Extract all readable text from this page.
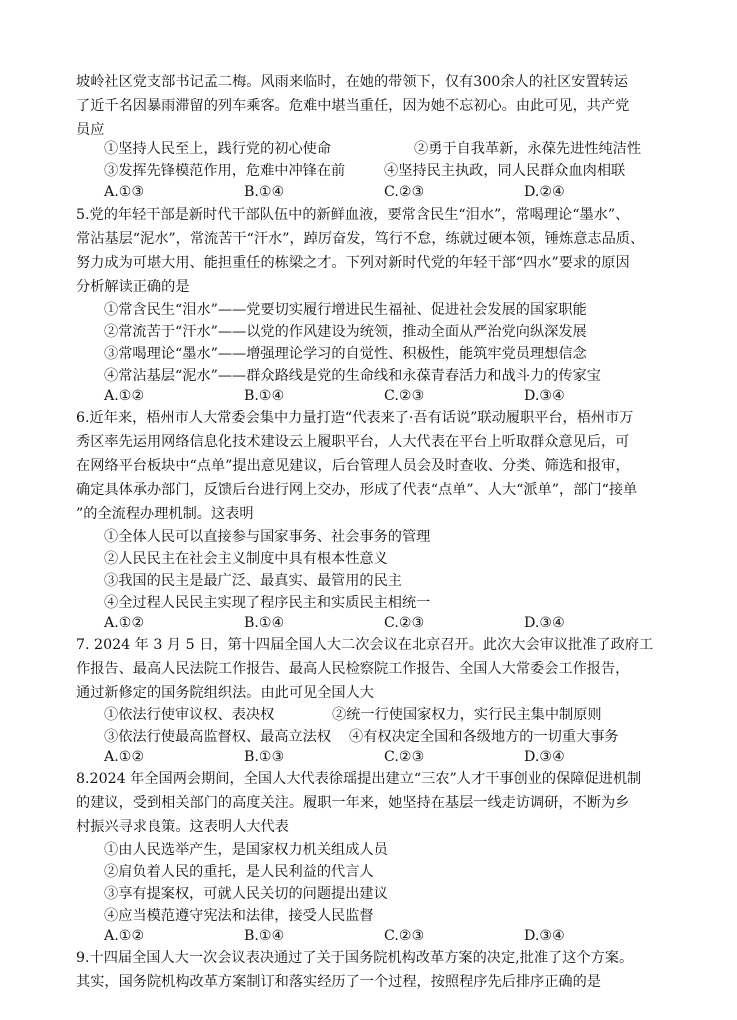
坡岭社区党支部书记孟二梅。风雨来临时，在她的带领下，仅有300余人的社区安置转运
了近千名因暴雨滞留的列车乘客。危难中堪当重任，因为她不忘初心。由此可见，共产党
员应
①坚持人民至上，践行党的初心使命	②勇于自我革新，永葆先进性纯洁性
③发挥先锋模范作用，危难中冲锋在前	④坚持民主执政，同人民群众血肉相联
A.①③	B.①④	C.②③	D.②④
5.党的年轻干部是新时代干部队伍中的新鲜血液，要常含民生“泪水”，常喝理论“墨水”、
常沾基层“泥水”，常流苦干“汗水”，踔厉奋发，笃行不怠，练就过硬本领，锤炼意志品质、
努力成为可堪大用、能担重任的栋梁之才。下列对新时代党的年轻干部“四水”要求的原因
分析解读正确的是
①常含民生“泪水”——党要切实履行增进民生福祉、促进社会发展的国家职能
②常流苦于“汗水”——以党的作风建设为统领，推动全面从严治党向纵深发展
③常喝理论“墨水”——增强理论学习的自觉性、积极性，能筑牢党员理想信念
④常沾基层“泥水”——群众路线是党的生命线和永葆青春活力和战斗力的传家宝
A.①②	B.①④	C.②③	D.③④
6.近年来，梧州市人大常委会集中力量打造“代表来了·吾有话说”联动履职平台，梧州市万
秀区率先运用网络信息化技术建设云上履职平台，人大代表在平台上听取群众意见后，可
在网络平台板块中“点单”提出意见建议，后台管理人员会及时查收、分类、筛选和报审，
确定具体承办部门，反馈后台进行网上交办，形成了代表“点单”、人大“派单”，部门“接单
”的全流程办理机制。这表明
①全体人民可以直接参与国家事务、社会事务的管理
②人民民主在社会主义制度中具有根本性意义
③我国的民主是最广泛、最真实、最管用的民主
④全过程人民民主实现了程序民主和实质民主相统一
A.①②	B.①④	C.②③	D.③④
7. 2024 年 3 月 5 日，第十四届全国人大二次会议在北京召开。此次大会审议批准了政府工
作报告、最高人民法院工作报告、最高人民检察院工作报告、全国人大常委会工作报告，
通过新修定的国务院组织法。由此可见全国人大
①依法行使审议权、表决权	②统一行使国家权力，实行民主集中制原则
③依法行使最高监督权、最高立法权 ④有权决定全国和各级地方的一切重大事务
A.①②	B.①③	C.②③	D.③④
8.2024 年全国两会期间，全国人大代表徐瑶提出建立“三农”人才干事创业的保障促进机制
的建议，受到相关部门的高度关注。履职一年来，她坚持在基层一线走访调研，不断为乡
村振兴寻求良策。这表明人大代表
①由人民选举产生，是国家权力机关组成人员
②肩负着人民的重托，是人民利益的代言人
③享有提案权，可就人民关切的问题提出建议
④应当模范遵守宪法和法律，接受人民监督
A.①②	B.①④	C.②③	D.③④
9.十四届全国人大一次会议表决通过了关于国务院机构改革方案的决定,批准了这个方案。
其实，国务院机构改革方案制订和落实经历了一个过程，按照程序先后排序正确的是
